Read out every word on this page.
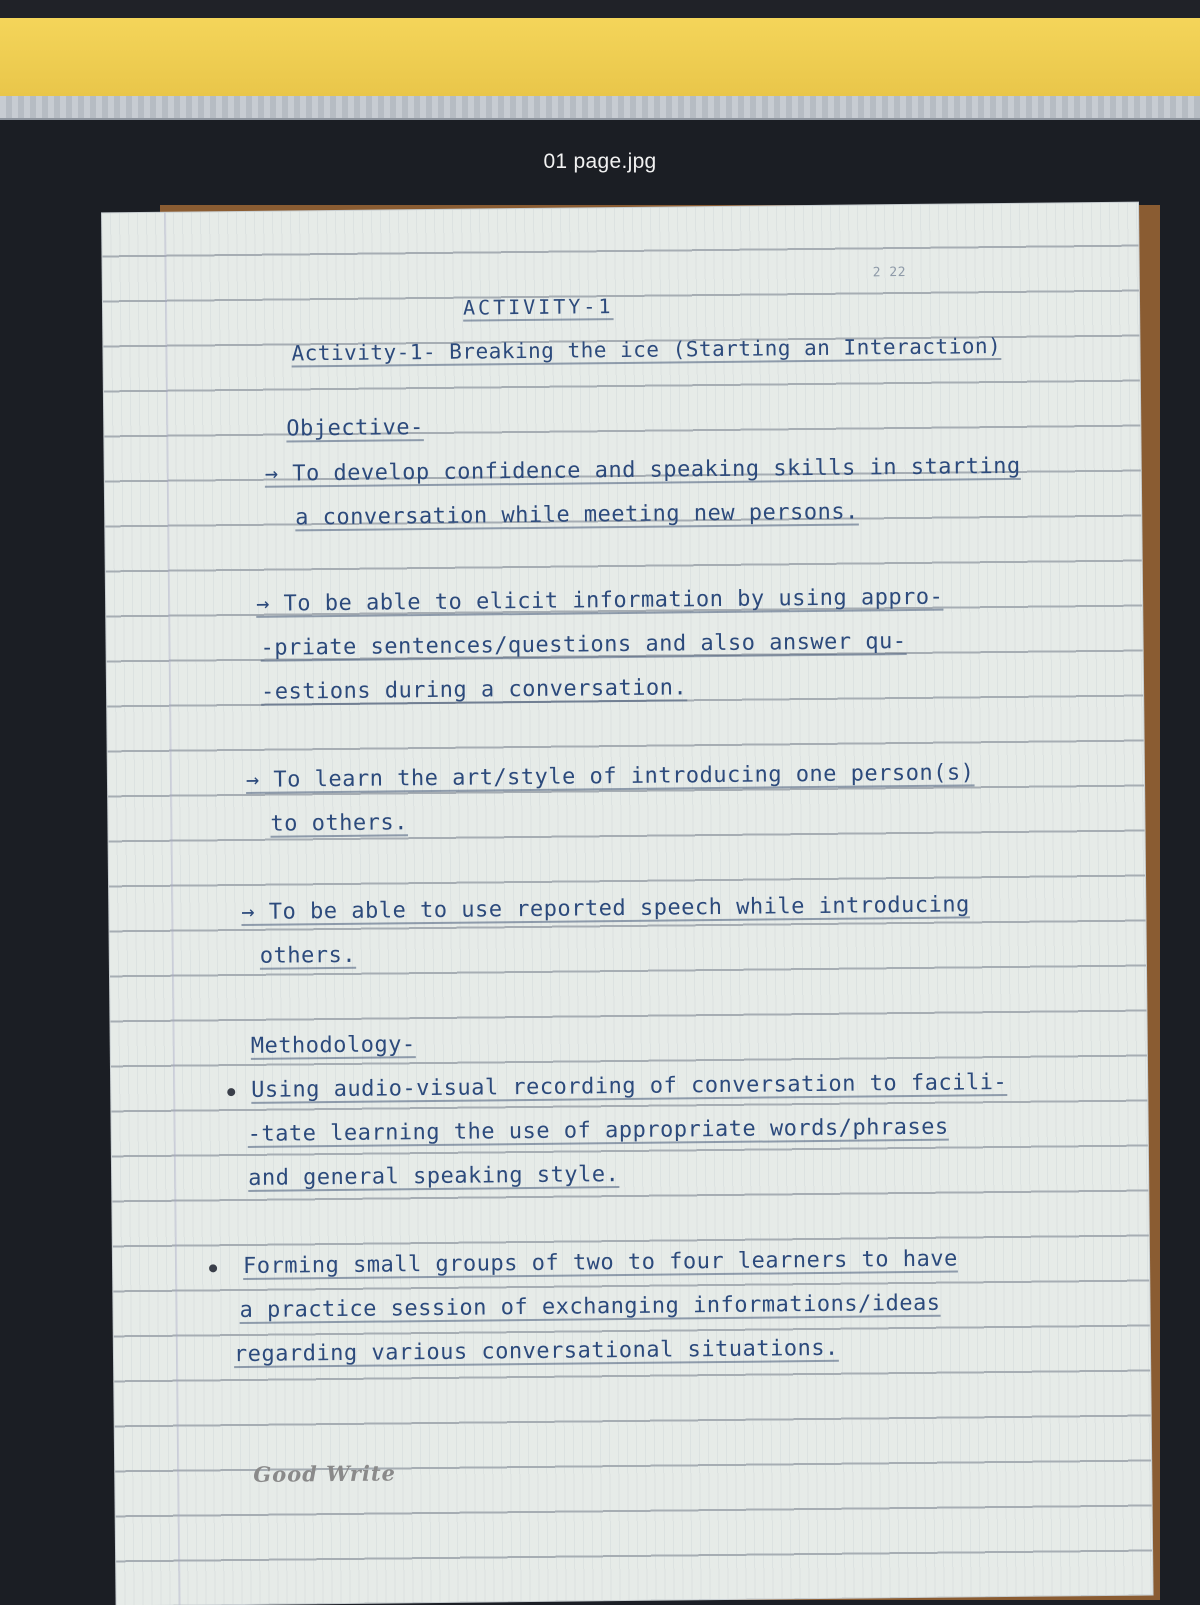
01 page.jpg
2 22
ACTIVITY-1
Activity-1- Breaking the ice (Starting an Interaction)
Objective-
→ To develop confidence and speaking skills in starting
a conversation while meeting new persons.
→ To be able to elicit information by using appro-
-priate sentences/questions and also answer qu-
-estions during a conversation.
→ To learn the art/style of introducing one person(s)
to others.
→ To be able to use reported speech while introducing
others.
Methodology-
Using audio-visual recording of conversation to facili-
-tate learning the use of appropriate words/phrases
and general speaking style.
Forming small groups of two to four learners to have
a practice session of exchanging informations/ideas
regarding various conversational situations.
Good Write
